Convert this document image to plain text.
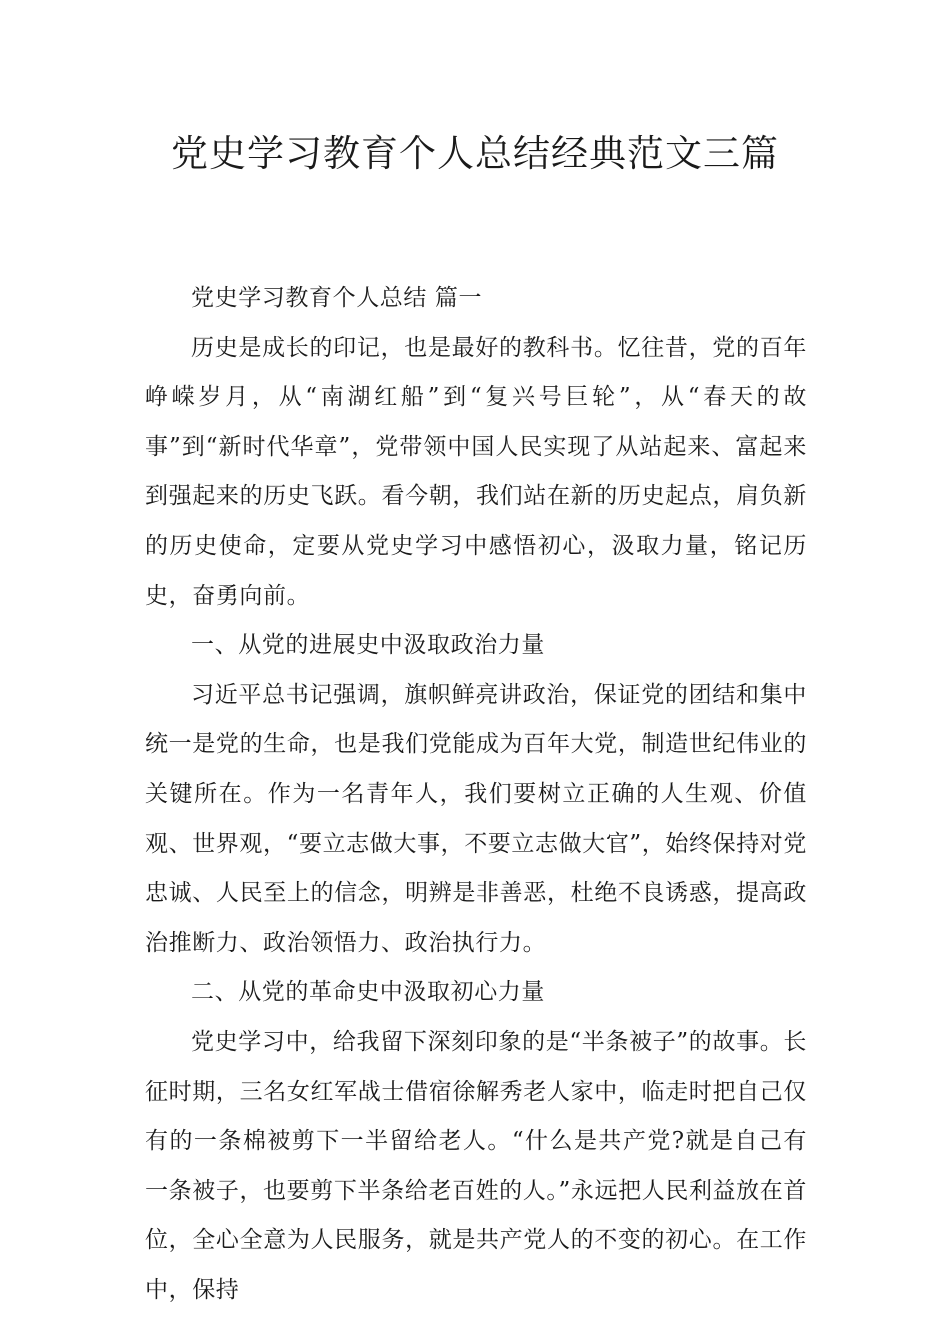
党史学习教育个人总结经典范文三篇

党史学习教育个人总结 篇一

历史是成长的印记，也是最好的教科书。忆往昔，党的百年峥嵘岁月，从“南湖红船”到“复兴号巨轮”，从“春天的故事”到“新时代华章”，党带领中国人民实现了从站起来、富起来到强起来的历史飞跃。看今朝，我们站在新的历史起点，肩负新的历史使命，定要从党史学习中感悟初心，汲取力量，铭记历史，奋勇向前。

一、从党的进展史中汲取政治力量

习近平总书记强调，旗帜鲜亮讲政治，保证党的团结和集中统一是党的生命，也是我们党能成为百年大党，制造世纪伟业的关键所在。作为一名青年人，我们要树立正确的人生观、价值观、世界观，“要立志做大事，不要立志做大官”，始终保持对党忠诚、人民至上的信念，明辨是非善恶，杜绝不良诱惑，提高政治推断力、政治领悟力、政治执行力。

二、从党的革命史中汲取初心力量

党史学习中，给我留下深刻印象的是“半条被子”的故事。长征时期，三名女红军战士借宿徐解秀老人家中，临走时把自己仅有的一条棉被剪下一半留给老人。“什么是共产党?就是自己有一条被子，也要剪下半条给老百姓的人。”永远把人民利益放在首位，全心全意为人民服务，就是共产党人的不变的初心。在工作中，保持
